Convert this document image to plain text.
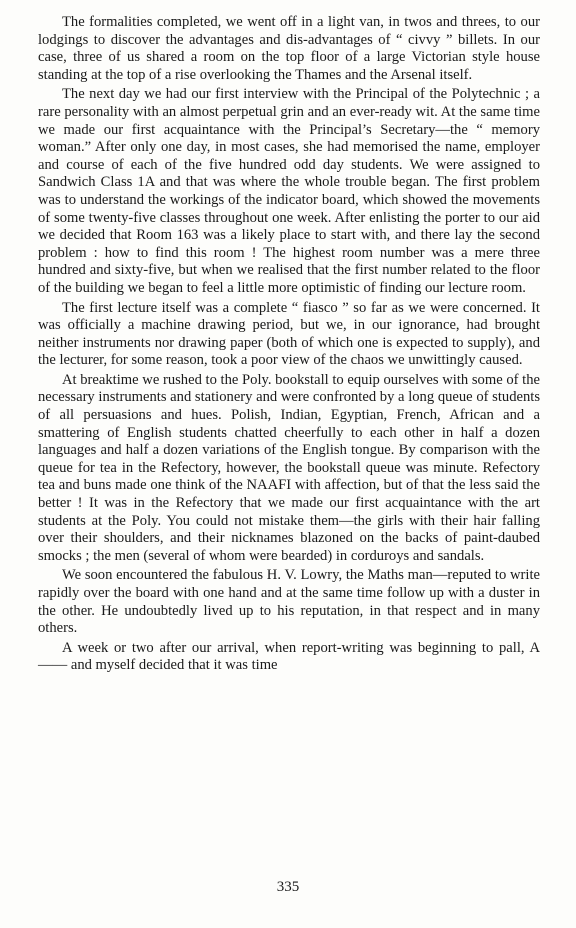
The formalities completed, we went off in a light van, in twos and threes, to our lodgings to discover the advantages and dis-advantages of “ civvy ” billets. In our case, three of us shared a room on the top floor of a large Victorian style house standing at the top of a rise overlooking the Thames and the Arsenal itself.

The next day we had our first interview with the Principal of the Polytechnic ; a rare personality with an almost perpetual grin and an ever-ready wit. At the same time we made our first acquaintance with the Principal’s Secretary—the “ memory woman.” After only one day, in most cases, she had memorised the name, employer and course of each of the five hundred odd day students. We were assigned to Sandwich Class 1A and that was where the whole trouble began. The first problem was to understand the workings of the indicator board, which showed the movements of some twenty-five classes throughout one week. After enlisting the porter to our aid we decided that Room 163 was a likely place to start with, and there lay the second problem : how to find this room ! The highest room number was a mere three hundred and sixty-five, but when we realised that the first number related to the floor of the building we began to feel a little more optimistic of finding our lecture room.

The first lecture itself was a complete “ fiasco ” so far as we were concerned. It was officially a machine drawing period, but we, in our ignorance, had brought neither instruments nor drawing paper (both of which one is expected to supply), and the lecturer, for some reason, took a poor view of the chaos we unwittingly caused.

At breaktime we rushed to the Poly. bookstall to equip ourselves with some of the necessary instruments and stationery and were confronted by a long queue of students of all persuasions and hues. Polish, Indian, Egyptian, French, African and a smattering of English students chatted cheerfully to each other in half a dozen languages and half a dozen variations of the English tongue. By comparison with the queue for tea in the Refectory, however, the bookstall queue was minute. Refectory tea and buns made one think of the NAAFI with affection, but of that the less said the better ! It was in the Refectory that we made our first acquaintance with the art students at the Poly. You could not mistake them—the girls with their hair falling over their shoulders, and their nicknames blazoned on the backs of paint-daubed smocks ; the men (several of whom were bearded) in corduroys and sandals.

We soon encountered the fabulous H. V. Lowry, the Maths man—reputed to write rapidly over the board with one hand and at the same time follow up with a duster in the other. He undoubtedly lived up to his reputation, in that respect and in many others.

A week or two after our arrival, when report-writing was beginning to pall, A—— and myself decided that it was time

335
